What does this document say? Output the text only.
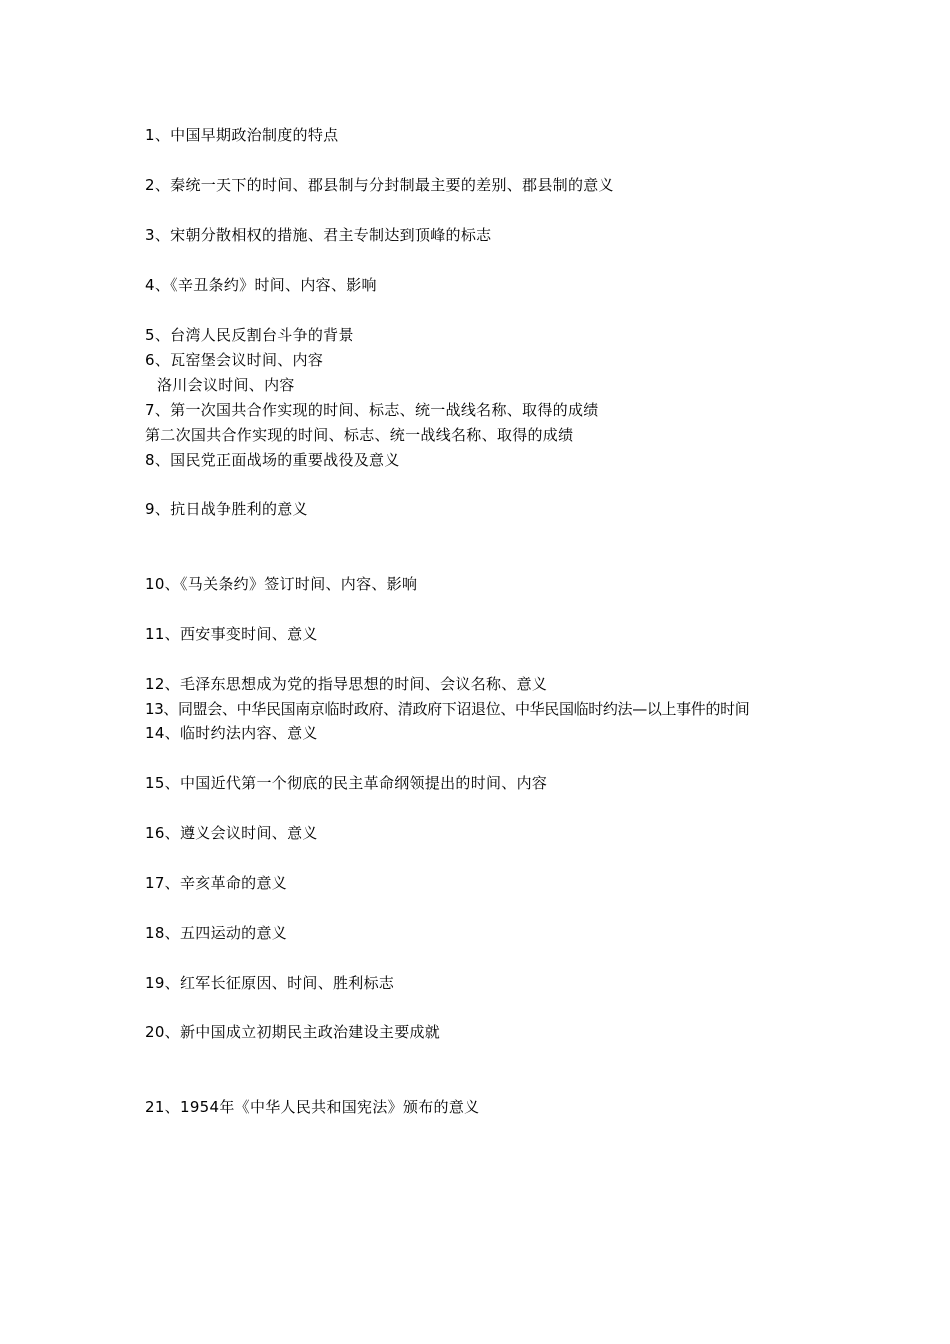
1、中国早期政治制度的特点
2、秦统一天下的时间、郡县制与分封制最主要的差别、郡县制的意义
3、宋朝分散相权的措施、君主专制达到顶峰的标志
4、《辛丑条约》时间、内容、影响
5、台湾人民反割台斗争的背景
6、瓦窑堡会议时间、内容
洛川会议时间、内容
7、第一次国共合作实现的时间、标志、统一战线名称、取得的成绩
第二次国共合作实现的时间、标志、统一战线名称、取得的成绩
8、国民党正面战场的重要战役及意义
9、抗日战争胜利的意义
10、《马关条约》签订时间、内容、影响
11、西安事变时间、意义
12、毛泽东思想成为党的指导思想的时间、会议名称、意义
13、同盟会、中华民国南京临时政府、清政府下诏退位、中华民国临时约法—以上事件的时间
14、临时约法内容、意义
15、中国近代第一个彻底的民主革命纲领提出的时间、内容
16、遵义会议时间、意义
17、辛亥革命的意义
18、五四运动的意义
19、红军长征原因、时间、胜利标志
20、新中国成立初期民主政治建设主要成就
21、1954年《中华人民共和国宪法》颁布的意义
